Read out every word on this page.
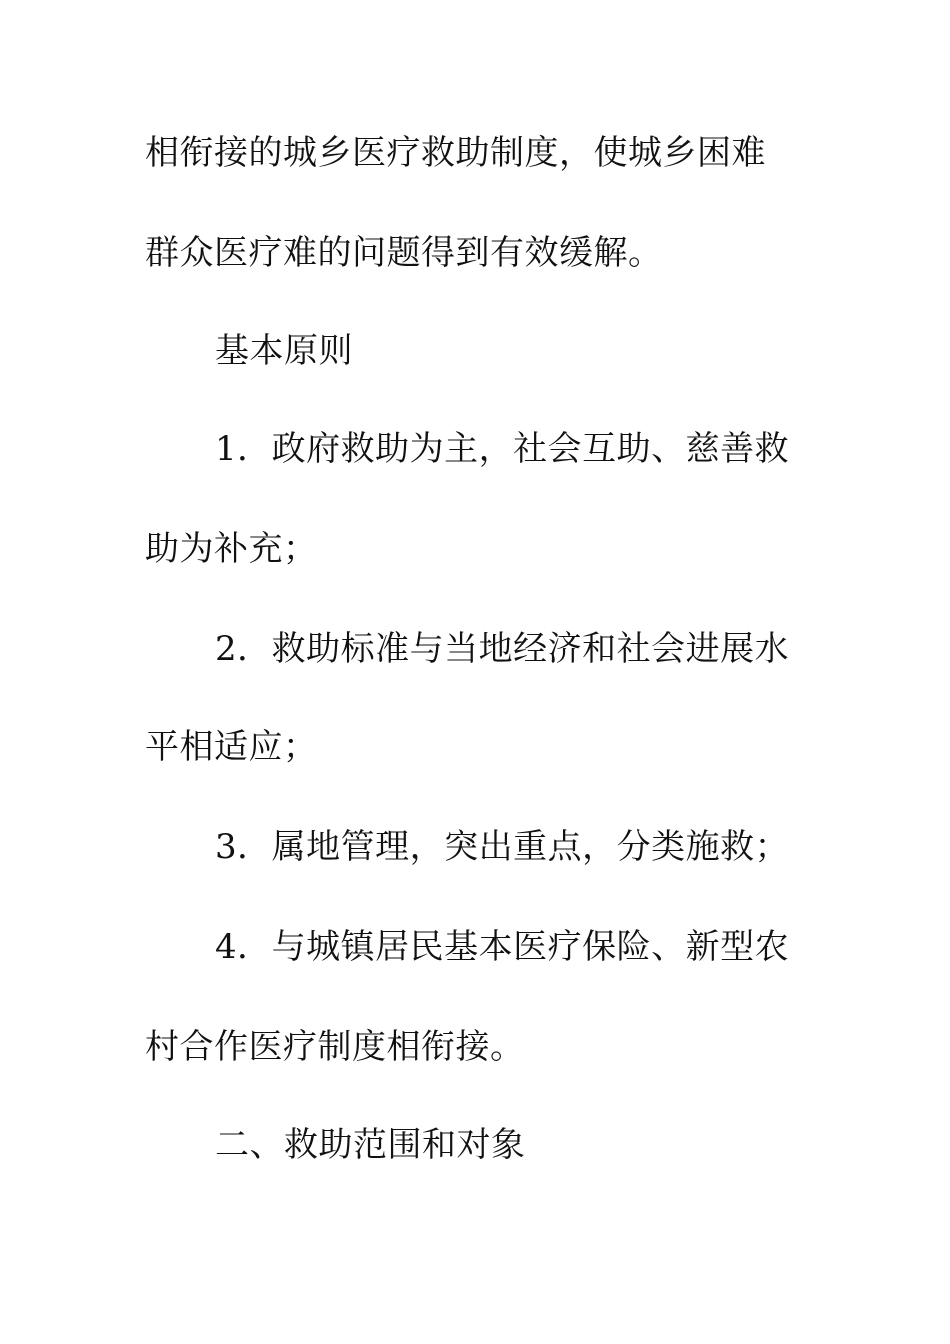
相衔接的城乡医疗救助制度，使城乡困难
群众医疗难的问题得到有效缓解。
基本原则
1．政府救助为主，社会互助、慈善救
助为补充；
2．救助标准与当地经济和社会进展水
平相适应；
3．属地管理，突出重点，分类施救；
4．与城镇居民基本医疗保险、新型农
村合作医疗制度相衔接。
二、救助范围和对象
